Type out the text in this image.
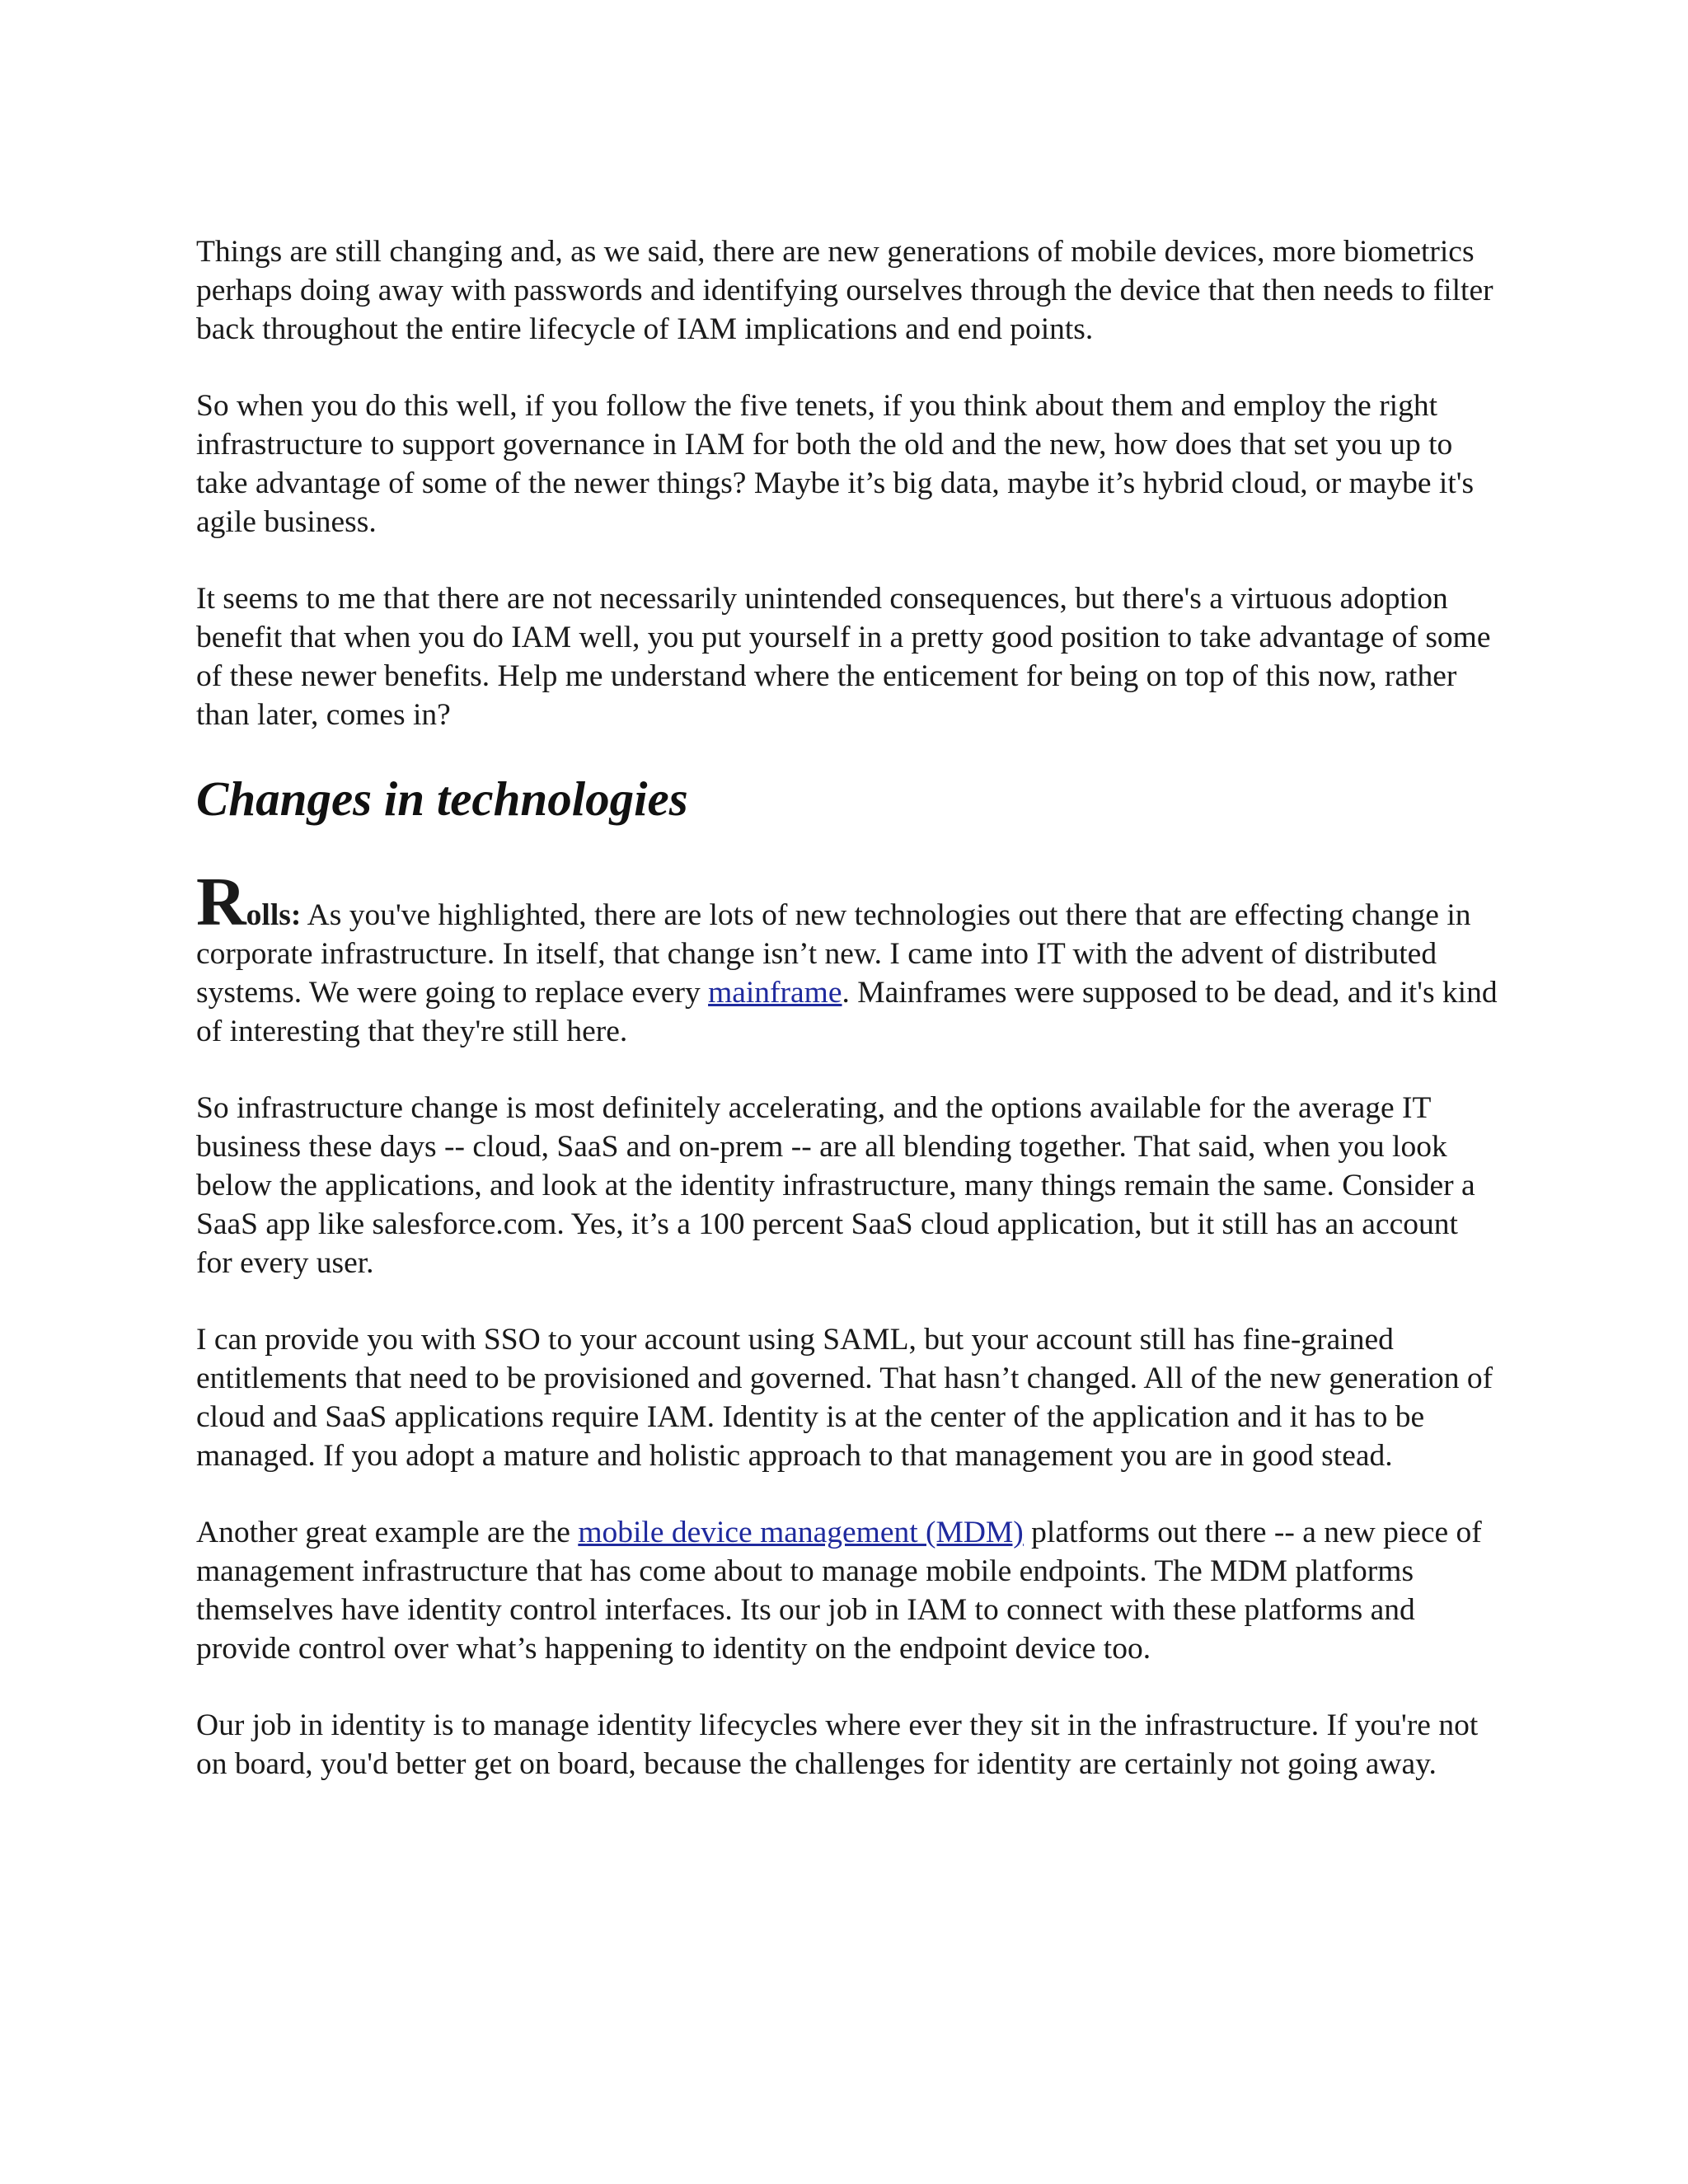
Things are still changing and, as we said, there are new generations of mobile devices, more biometrics perhaps doing away with passwords and identifying ourselves through the device that then needs to filter back throughout the entire lifecycle of IAM implications and end points.

So when you do this well, if you follow the five tenets, if you think about them and employ the right infrastructure to support governance in IAM for both the old and the new, how does that set you up to take advantage of some of the newer things? Maybe it’s big data, maybe it’s hybrid cloud, or maybe it's agile business.

It seems to me that there are not necessarily unintended consequences, but there's a virtuous adoption benefit that when you do IAM well, you put yourself in a pretty good position to take advantage of some of these newer benefits. Help me understand where the enticement for being on top of this now, rather than later, comes in?

Changes in technologies

Rolls: As you've highlighted, there are lots of new technologies out there that are effecting change in corporate infrastructure. In itself, that change isn’t new. I came into IT with the advent of distributed systems. We were going to replace every mainframe. Mainframes were supposed to be dead, and it's kind of interesting that they're still here.

So infrastructure change is most definitely accelerating, and the options available for the average IT business these days -- cloud, SaaS and on-prem -- are all blending together. That said, when you look below the applications, and look at the identity infrastructure, many things remain the same. Consider a SaaS app like salesforce.com. Yes, it’s a 100 percent SaaS cloud application, but it still has an account for every user.

I can provide you with SSO to your account using SAML, but your account still has fine-grained entitlements that need to be provisioned and governed. That hasn’t changed. All of the new generation of cloud and SaaS applications require IAM. Identity is at the center of the application and it has to be managed. If you adopt a mature and holistic approach to that management you are in good stead.

Another great example are the mobile device management (MDM) platforms out there -- a new piece of management infrastructure that has come about to manage mobile endpoints. The MDM platforms themselves have identity control interfaces. Its our job in IAM to connect with these platforms and provide control over what’s happening to identity on the endpoint device too.

Our job in identity is to manage identity lifecycles where ever they sit in the infrastructure. If you're not on board, you'd better get on board, because the challenges for identity are certainly not going away.
